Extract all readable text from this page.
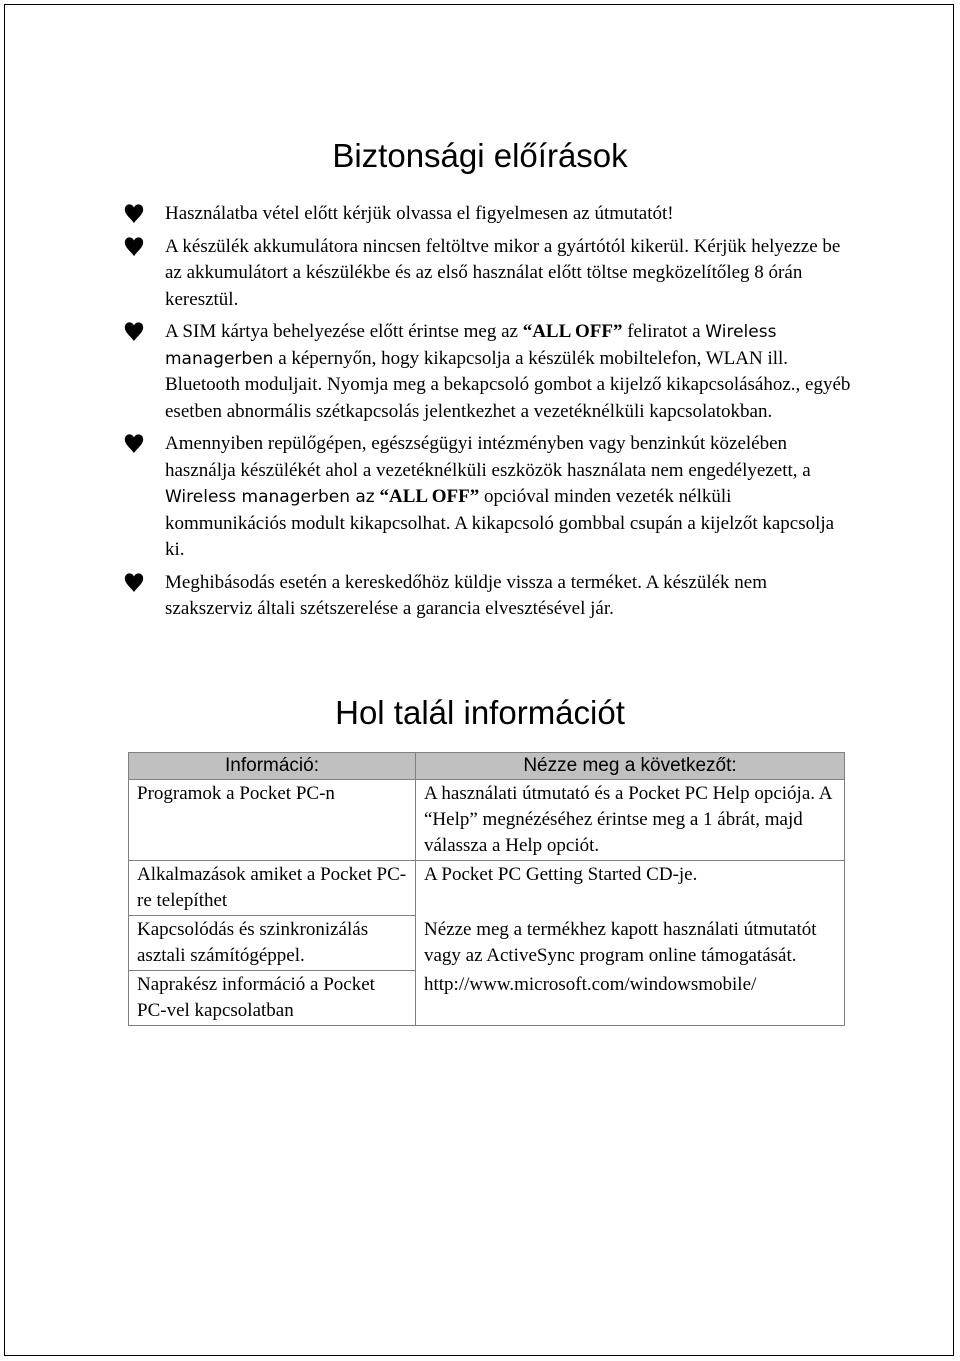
Biztonsági előírások
Használatba vétel előtt kérjük olvassa el figyelmesen az útmutatót!
A készülék akkumulátora nincsen feltöltve mikor a gyártótól kikerül. Kérjük helyezze be az akkumulátort a készülékbe és az első használat előtt töltse megközelítőleg 8 órán keresztül.
A SIM kártya behelyezése előtt érintse meg az “ALL OFF” feliratot a Wireless managerben a képernyőn, hogy kikapcsolja a készülék mobiltelefon, WLAN ill. Bluetooth moduljait. Nyomja meg a bekapcsoló gombot a kijelző kikapcsolásához., egyéb esetben abnormális szétkapcsolás jelentkezhet a vezetéknélküli kapcsolatokban.
Amennyiben repülőgépen, egészségügyi intézményben vagy benzinkút közelében használja készülékét ahol a vezetéknélküli eszközök használata nem engedélyezett, a Wireless managerben az “ALL OFF” opcióval minden vezeték nélküli kommunikációs modult kikapcsolhat. A kikapcsoló gombbal csupán a kijelzőt kapcsolja ki.
Meghibásodás esetén a kereskedőhöz küldje vissza a terméket. A készülék nem szakszerviz általi szétszerelése a garancia elvesztésével jár.
Hol talál információt
Információ:	Nézze meg a következőt:
Programok a Pocket PC-n	A használati útmutató és a Pocket PC Help opciója. A “Help” megnézéséhez érintse meg a 1 ábrát, majd válassza a Help opciót.
Alkalmazások amiket a Pocket PC-re telepíthet	A Pocket PC Getting Started CD-je.
Kapcsolódás és szinkronizálás asztali számítógéppel.	Nézze meg a termékhez kapott használati útmutatót vagy az ActiveSync program online támogatását.
Naprakész információ a Pocket PC-vel kapcsolatban	http://www.microsoft.com/windowsmobile/
